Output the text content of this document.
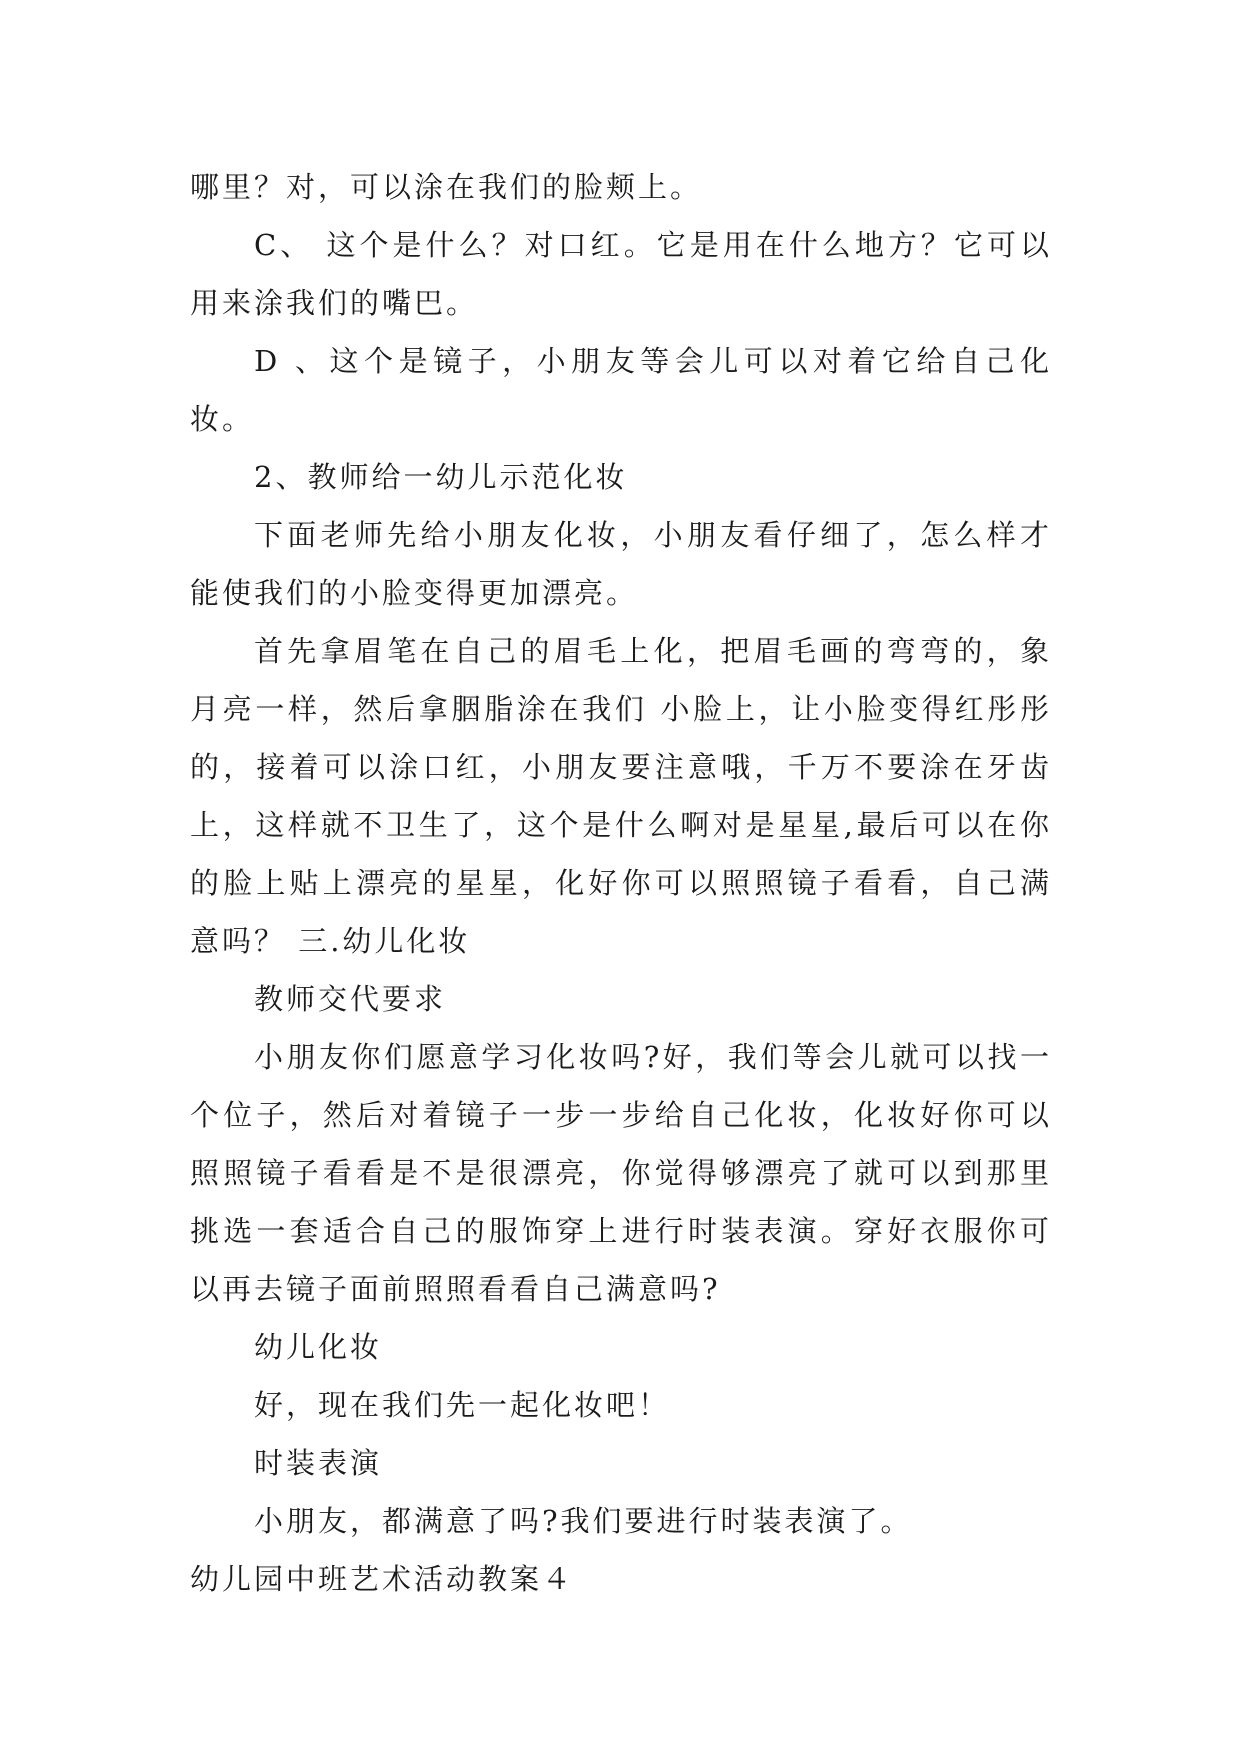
哪里？对，可以涂在我们的脸颊上。

C、 这个是什么？对口红。它是用在什么地方？它可以用来涂我们的嘴巴。

D 、这个是镜子，小朋友等会儿可以对着它给自己化妆。

2、教师给一幼儿示范化妆

下面老师先给小朋友化妆，小朋友看仔细了，怎么样才能使我们的小脸变得更加漂亮。

首先拿眉笔在自己的眉毛上化，把眉毛画的弯弯的，象月亮一样，然后拿胭脂涂在我们 小脸上，让小脸变得红彤彤的，接着可以涂口红，小朋友要注意哦，千万不要涂在牙齿上，这样就不卫生了，这个是什么啊对是星星,最后可以在你的脸上贴上漂亮的星星，化好你可以照照镜子看看，自己满意吗？ 三.幼儿化妆

教师交代要求

小朋友你们愿意学习化妆吗?好，我们等会儿就可以找一个位子，然后对着镜子一步一步给自己化妆，化妆好你可以照照镜子看看是不是很漂亮，你觉得够漂亮了就可以到那里挑选一套适合自己的服饰穿上进行时装表演。穿好衣服你可以再去镜子面前照照看看自己满意吗?

幼儿化妆

好，现在我们先一起化妆吧！

时装表演

小朋友，都满意了吗?我们要进行时装表演了。

幼儿园中班艺术活动教案４
